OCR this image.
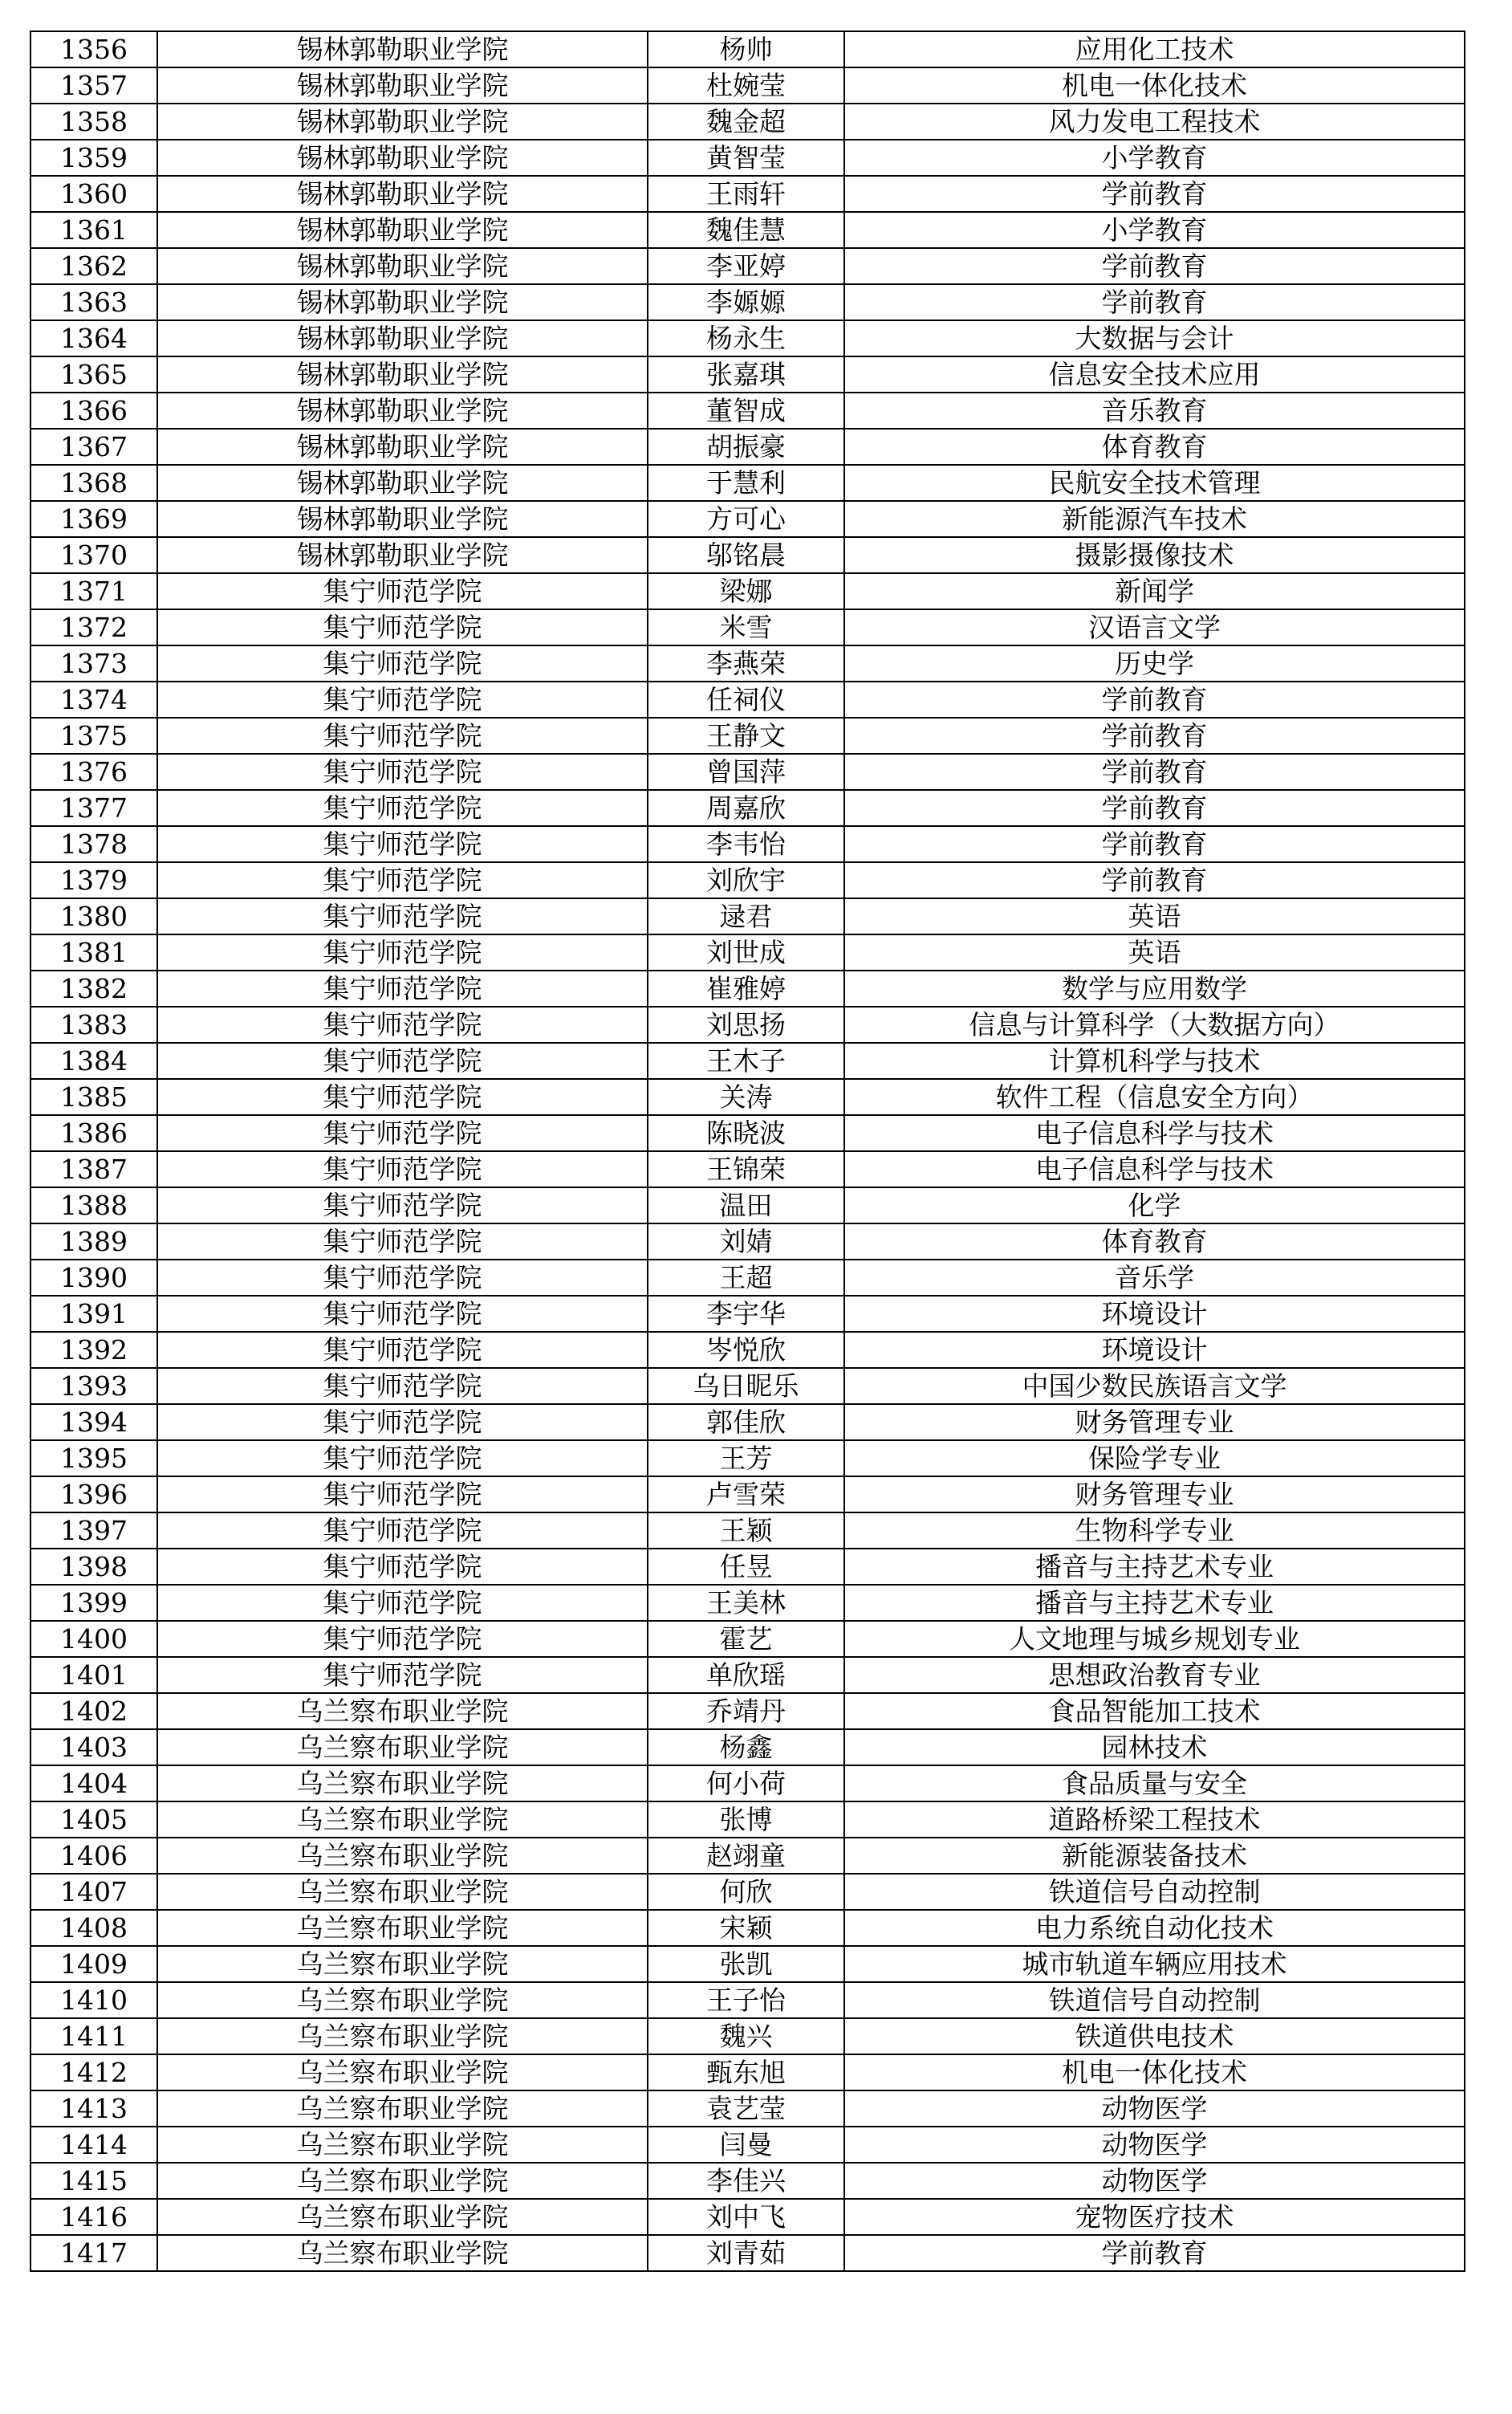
1356	锡林郭勒职业学院	杨帅	应用化工技术
1357	锡林郭勒职业学院	杜婉莹	机电一体化技术
1358	锡林郭勒职业学院	魏金超	风力发电工程技术
1359	锡林郭勒职业学院	黄智莹	小学教育
1360	锡林郭勒职业学院	王雨轩	学前教育
1361	锡林郭勒职业学院	魏佳慧	小学教育
1362	锡林郭勒职业学院	李亚婷	学前教育
1363	锡林郭勒职业学院	李嫄嫄	学前教育
1364	锡林郭勒职业学院	杨永生	大数据与会计
1365	锡林郭勒职业学院	张嘉琪	信息安全技术应用
1366	锡林郭勒职业学院	董智成	音乐教育
1367	锡林郭勒职业学院	胡振豪	体育教育
1368	锡林郭勒职业学院	于慧利	民航安全技术管理
1369	锡林郭勒职业学院	方可心	新能源汽车技术
1370	锡林郭勒职业学院	邬铭晨	摄影摄像技术
1371	集宁师范学院	梁娜	新闻学
1372	集宁师范学院	米雪	汉语言文学
1373	集宁师范学院	李燕荣	历史学
1374	集宁师范学院	任祠仪	学前教育
1375	集宁师范学院	王静文	学前教育
1376	集宁师范学院	曾国萍	学前教育
1377	集宁师范学院	周嘉欣	学前教育
1378	集宁师范学院	李韦怡	学前教育
1379	集宁师范学院	刘欣宇	学前教育
1380	集宁师范学院	逯君	英语
1381	集宁师范学院	刘世成	英语
1382	集宁师范学院	崔雅婷	数学与应用数学
1383	集宁师范学院	刘思扬	信息与计算科学（大数据方向）
1384	集宁师范学院	王木子	计算机科学与技术
1385	集宁师范学院	关涛	软件工程（信息安全方向）
1386	集宁师范学院	陈晓波	电子信息科学与技术
1387	集宁师范学院	王锦荣	电子信息科学与技术
1388	集宁师范学院	温田	化学
1389	集宁师范学院	刘婧	体育教育
1390	集宁师范学院	王超	音乐学
1391	集宁师范学院	李宇华	环境设计
1392	集宁师范学院	岑悦欣	环境设计
1393	集宁师范学院	乌日昵乐	中国少数民族语言文学
1394	集宁师范学院	郭佳欣	财务管理专业
1395	集宁师范学院	王芳	保险学专业
1396	集宁师范学院	卢雪荣	财务管理专业
1397	集宁师范学院	王颖	生物科学专业
1398	集宁师范学院	任昱	播音与主持艺术专业
1399	集宁师范学院	王美林	播音与主持艺术专业
1400	集宁师范学院	霍艺	人文地理与城乡规划专业
1401	集宁师范学院	单欣瑶	思想政治教育专业
1402	乌兰察布职业学院	乔靖丹	食品智能加工技术
1403	乌兰察布职业学院	杨鑫	园林技术
1404	乌兰察布职业学院	何小荷	食品质量与安全
1405	乌兰察布职业学院	张博	道路桥梁工程技术
1406	乌兰察布职业学院	赵翊童	新能源装备技术
1407	乌兰察布职业学院	何欣	铁道信号自动控制
1408	乌兰察布职业学院	宋颖	电力系统自动化技术
1409	乌兰察布职业学院	张凯	城市轨道车辆应用技术
1410	乌兰察布职业学院	王子怡	铁道信号自动控制
1411	乌兰察布职业学院	魏兴	铁道供电技术
1412	乌兰察布职业学院	甄东旭	机电一体化技术
1413	乌兰察布职业学院	袁艺莹	动物医学
1414	乌兰察布职业学院	闫曼	动物医学
1415	乌兰察布职业学院	李佳兴	动物医学
1416	乌兰察布职业学院	刘中飞	宠物医疗技术
1417	乌兰察布职业学院	刘青茹	学前教育
